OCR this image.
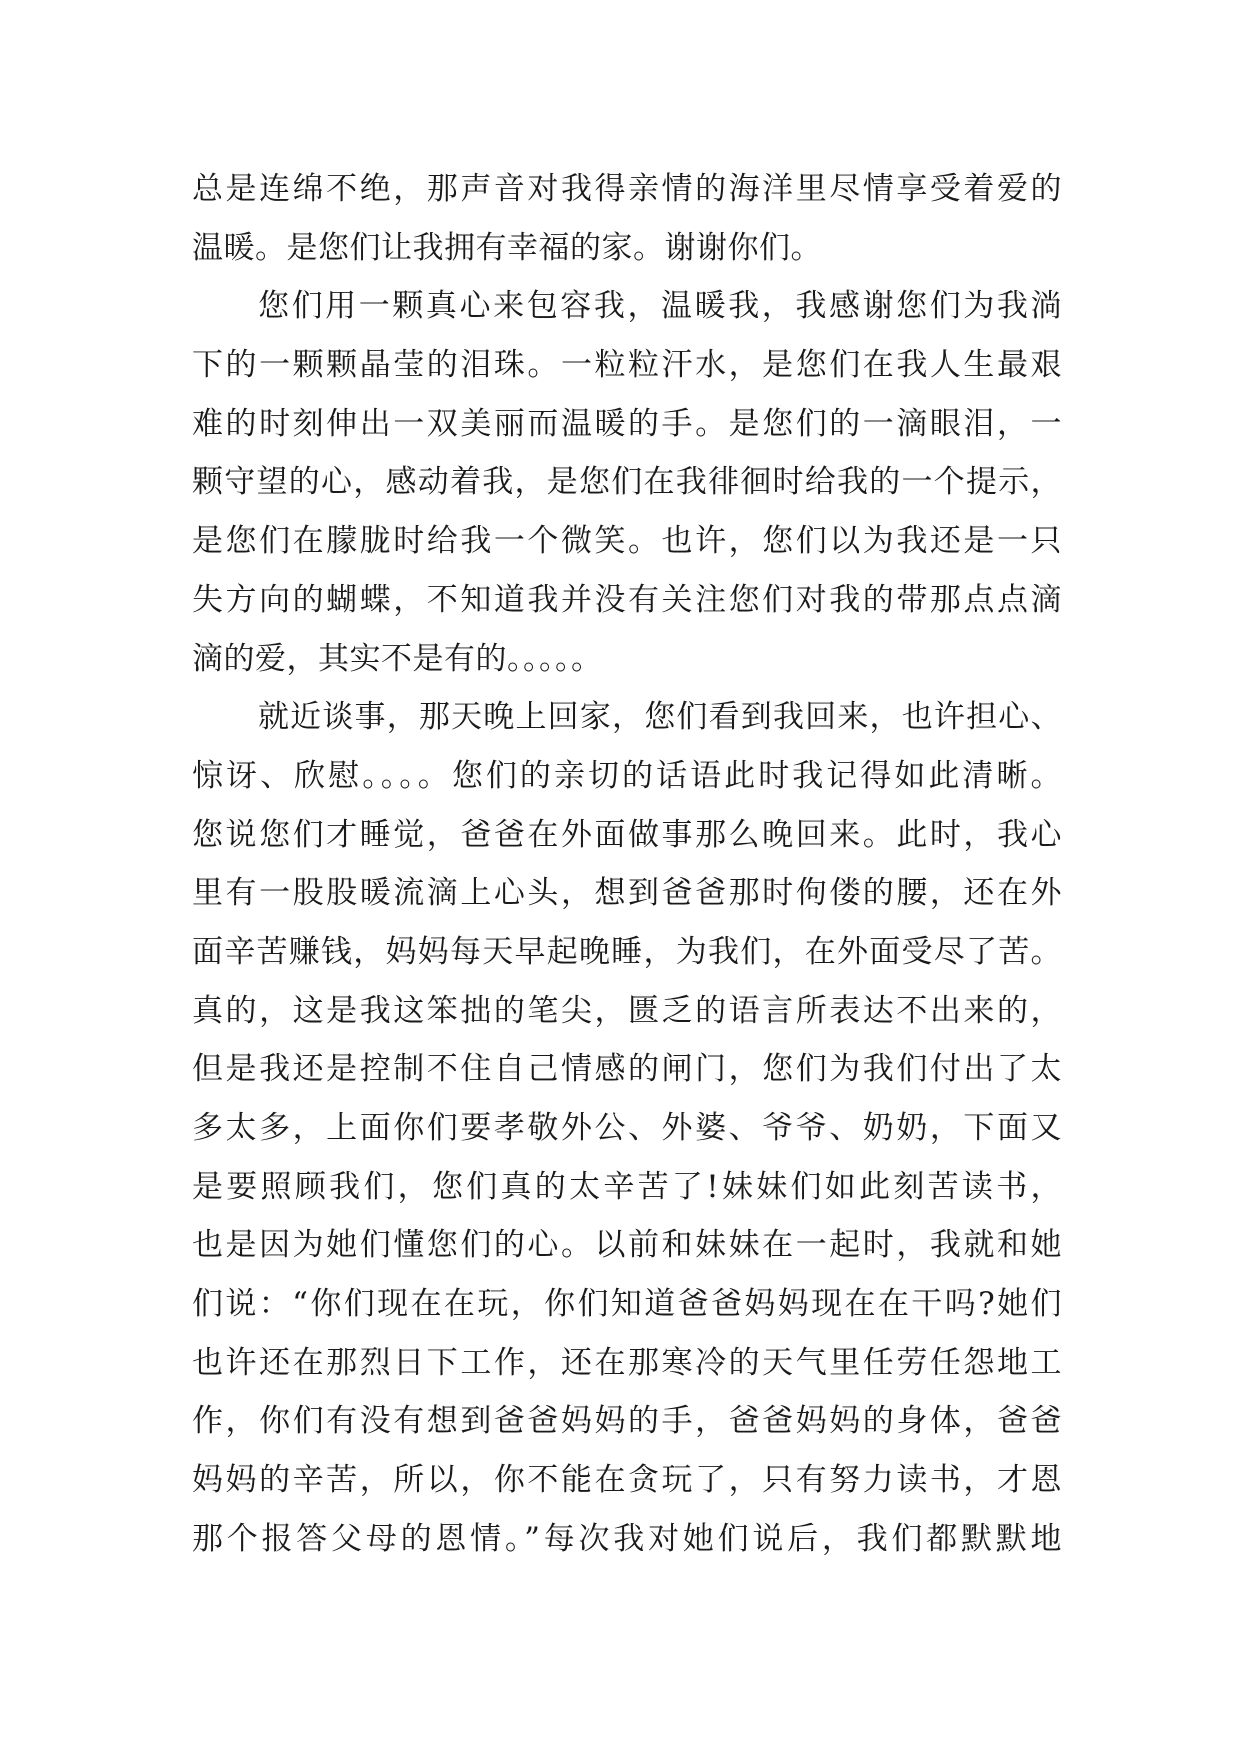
总是连绵不绝，那声音对我得亲情的海洋里尽情享受着爱的
温暖。是您们让我拥有幸福的家。谢谢你们。
您们用一颗真心来包容我，温暖我，我感谢您们为我淌
下的一颗颗晶莹的泪珠。一粒粒汗水，是您们在我人生最艰
难的时刻伸出一双美丽而温暖的手。是您们的一滴眼泪，一
颗守望的心，感动着我，是您们在我徘徊时给我的一个提示，
是您们在朦胧时给我一个微笑。也许，您们以为我还是一只
失方向的蝴蝶，不知道我并没有关注您们对我的带那点点滴
滴的爱，其实不是有的。。。。。
就近谈事，那天晚上回家，您们看到我回来，也许担心、
惊讶、欣慰。。。。您们的亲切的话语此时我记得如此清晰。
您说您们才睡觉，爸爸在外面做事那么晚回来。此时，我心
里有一股股暖流滴上心头，想到爸爸那时佝偻的腰，还在外
面辛苦赚钱，妈妈每天早起晚睡，为我们，在外面受尽了苦。
真的，这是我这笨拙的笔尖，匮乏的语言所表达不出来的，
但是我还是控制不住自己情感的闸门，您们为我们付出了太
多太多，上面你们要孝敬外公、外婆、爷爷、奶奶，下面又
是要照顾我们，您们真的太辛苦了!妹妹们如此刻苦读书，
也是因为她们懂您们的心。以前和妹妹在一起时，我就和她
们说：“你们现在在玩，你们知道爸爸妈妈现在在干吗?她们
也许还在那烈日下工作，还在那寒冷的天气里任劳任怨地工
作，你们有没有想到爸爸妈妈的手，爸爸妈妈的身体，爸爸
妈妈的辛苦，所以，你不能在贪玩了，只有努力读书，才恩
那个报答父母的恩情。”每次我对她们说后，我们都默默地
